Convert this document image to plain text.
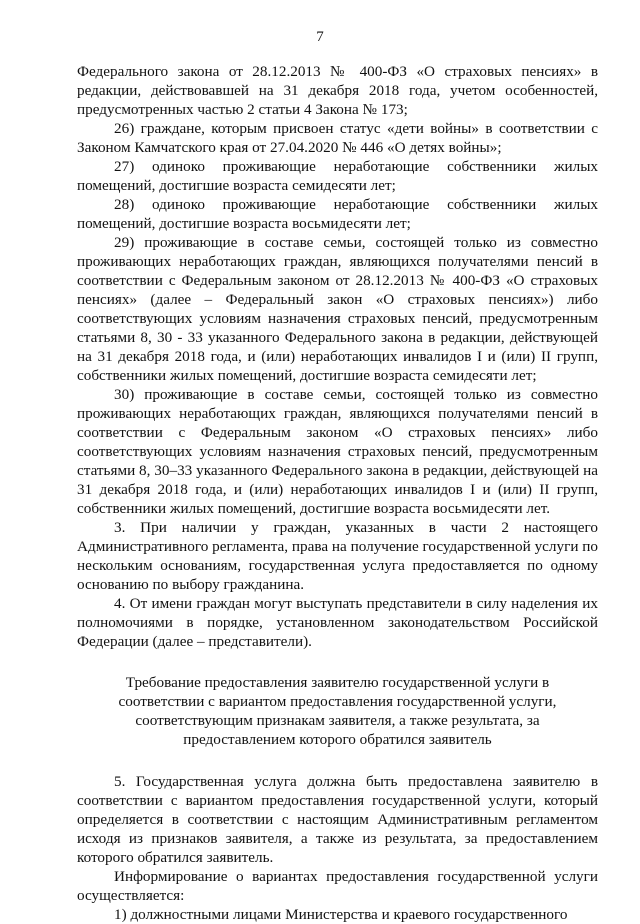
7

Федерального закона от 28.12.2013 № 400-ФЗ «О страховых пенсиях» в редакции, действовавшей на 31 декабря 2018 года, учетом особенностей, предусмотренных частью 2 статьи 4 Закона № 173;

26) граждане, которым присвоен статус «дети войны» в соответствии с Законом Камчатского края от 27.04.2020 № 446 «О детях войны»;

27) одиноко проживающие неработающие собственники жилых помещений, достигшие возраста семидесяти лет;

28) одиноко проживающие неработающие собственники жилых помещений, достигшие возраста восьмидесяти лет;

29) проживающие в составе семьи, состоящей только из совместно проживающих неработающих граждан, являющихся получателями пенсий в соответствии с Федеральным законом от 28.12.2013 № 400-ФЗ «О страховых пенсиях» (далее – Федеральный закон «О страховых пенсиях») либо соответствующих условиям назначения страховых пенсий, предусмотренным статьями 8, 30 - 33 указанного Федерального закона в редакции, действующей на 31 декабря 2018 года, и (или) неработающих инвалидов I и (или) II групп, собственники жилых помещений, достигшие возраста семидесяти лет;

30) проживающие в составе семьи, состоящей только из совместно проживающих неработающих граждан, являющихся получателями пенсий в соответствии с Федеральным законом «О страховых пенсиях» либо соответствующих условиям назначения страховых пенсий, предусмотренным статьями 8, 30–33 указанного Федерального закона в редакции, действующей на 31 декабря 2018 года, и (или) неработающих инвалидов I и (или) II групп, собственники жилых помещений, достигшие возраста восьмидесяти лет.

3. При наличии у граждан, указанных в части 2 настоящего Административного регламента, права на получение государственной услуги по нескольким основаниям, государственная услуга предоставляется по одному основанию по выбору гражданина.

4. От имени граждан могут выступать представители в силу наделения их полномочиями в порядке, установленном законодательством Российской Федерации (далее – представители).

Требование предоставления заявителю государственной услуги в соответствии с вариантом предоставления государственной услуги, соответствующим признакам заявителя, а также результата, за предоставлением которого обратился заявитель

5. Государственная услуга должна быть предоставлена заявителю в соответствии с вариантом предоставления государственной услуги, который определяется в соответствии с настоящим Административным регламентом исходя из признаков заявителя, а также из результата, за предоставлением которого обратился заявитель.

Информирование о вариантах предоставления государственной услуги осуществляется:

1) должностными лицами Министерства и краевого государственного
